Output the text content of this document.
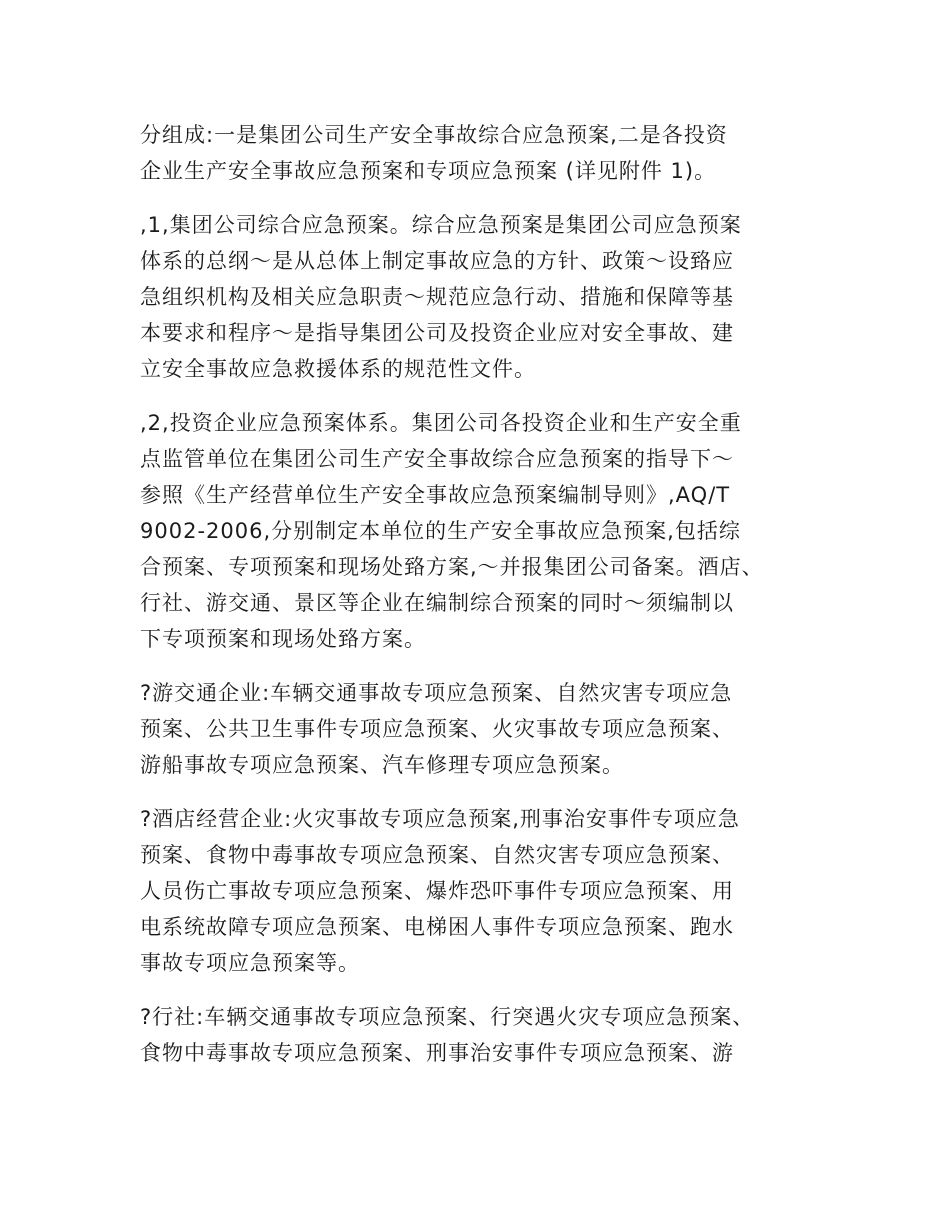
分组成:一是集团公司生产安全事故综合应急预案,二是各投资
企业生产安全事故应急预案和专项应急预案 (详见附件 1)。
,1,集团公司综合应急预案。综合应急预案是集团公司应急预案
体系的总纲～是从总体上制定事故应急的方针、政策～设臵应
急组织机构及相关应急职责～规范应急行动、措施和保障等基
本要求和程序～是指导集团公司及投资企业应对安全事故、建
立安全事故应急救援体系的规范性文件。
,2,投资企业应急预案体系。集团公司各投资企业和生产安全重
点监管单位在集团公司生产安全事故综合应急预案的指导下～
参照《生产经营单位生产安全事故应急预案编制导则》,AQ/T
9002-2006,分别制定本单位的生产安全事故应急预案,包括综
合预案、专项预案和现场处臵方案,～并报集团公司备案。酒店、
行社、游交通、景区等企业在编制综合预案的同时～须编制以
下专项预案和现场处臵方案。
?游交通企业:车辆交通事故专项应急预案、自然灾害专项应急
预案、公共卫生事件专项应急预案、火灾事故专项应急预案、
游船事故专项应急预案、汽车修理专项应急预案。
?酒店经营企业:火灾事故专项应急预案,刑事治安事件专项应急
预案、食物中毒事故专项应急预案、自然灾害专项应急预案、
人员伤亡事故专项应急预案、爆炸恐吓事件专项应急预案、用
电系统故障专项应急预案、电梯困人事件专项应急预案、跑水
事故专项应急预案等。
?行社:车辆交通事故专项应急预案、行突遇火灾专项应急预案、
食物中毒事故专项应急预案、刑事治安事件专项应急预案、游
